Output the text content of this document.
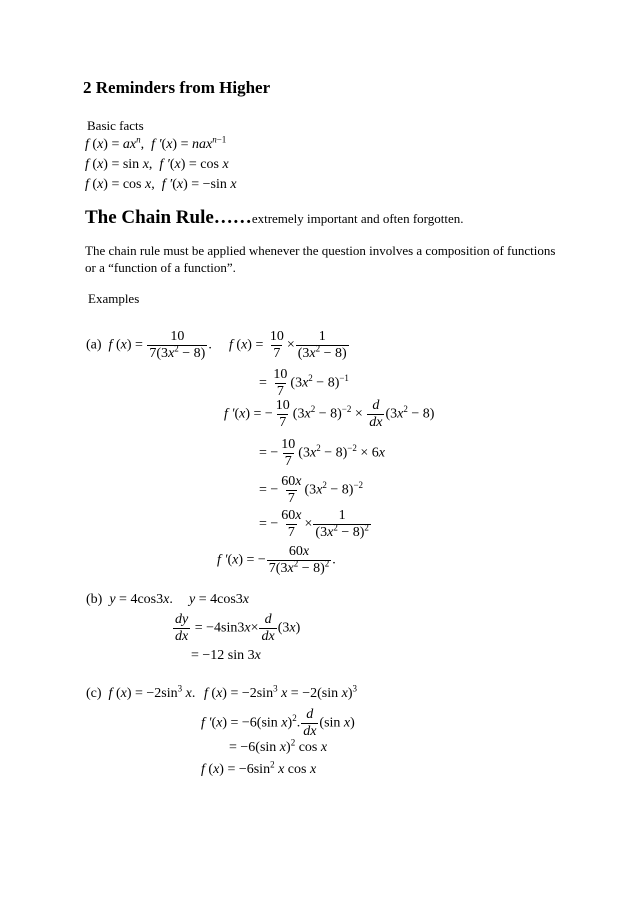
2 Reminders from Higher
Basic facts
f $(x) = ax^n$,  f ′(x) = nax$^{n-1}$
f (x) = sin x,  f ′(x) = cos x
f (x) = cos x,  f ′(x) = −sin x
The Chain Rule……extremely important and often forgotten.
The chain rule must be applied whenever the question involves a composition of functions
or a “function of a function”.
Examples
(a)  f $(x) = \frac{10}{7(3x^2 - 8)}$ . f $(x) = \frac{10}{7} \times \frac{1}{(3x^2 - 8)}$
= $\frac{10}{7} (3x^2 - 8)^{-1}$
f ′(x) = − $\frac{10}{7} (3x^2 - 8)^{-2} \times \frac{d}{dx} (3x^2 - 8)$
= − $\frac{10}{7} (3x^2 - 8)^{-2} \times 6x$
= − $\frac{60x}{7} (3x^2 - 8)^{-2}$
= − $\frac{60x}{7} \times \frac{1}{(3x^2 - 8)^2}$
f ′(x) = − $\frac{60x}{7(3x^2 - 8)^2}$ .
(b)  y = 4cos3x. y = 4cos3x
$\frac{dy}{dx} = -4\sin 3x\times \frac{d}{dx} (3x)$
= −12 sin 3x
(c)  f $(x) = -2\sin^3$ x. f $(x) = -2\sin^3$ x = −2(sin x)$^3$
f ′(x) = −6(sin x)$^2$. $\frac{d}{dx} (\sin$ x)
= −6(sin x)$^2$ cos x
f $(x) = -6\sin^2$ x cos x
